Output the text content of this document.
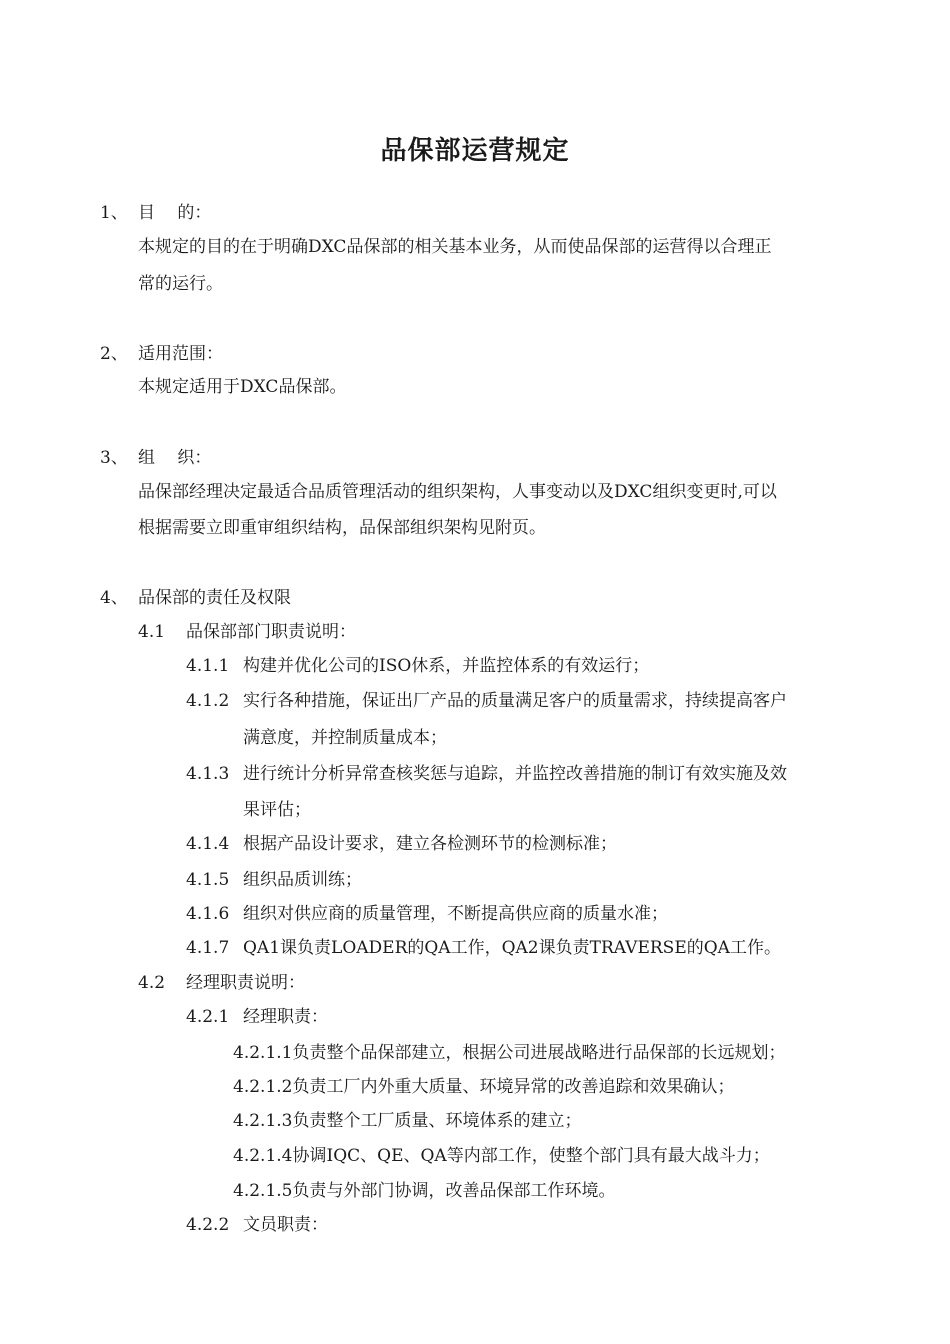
品保部运营规定
1、 目　 的：
本规定的目的在于明确DXC品保部的相关基本业务，从而使品保部的运营得以合理正
常的运行。
2、 适用范围：
本规定适用于DXC品保部。
3、 组　 织：
品保部经理决定最适合品质管理活动的组织架构，人事变动以及DXC组织变更时,可以
根据需要立即重审组织结构，品保部组织架构见附页。
4、 品保部的责任及权限
4.1 品保部部门职责说明：
4.1.1 构建并优化公司的ISO休系，并监控体系的有效运行；
4.1.2 实行各种措施，保证出厂产品的质量满足客户的质量需求，持续提高客户
满意度，并控制质量成本；
4.1.3 进行统计分析异常查核奖惩与追踪，并监控改善措施的制订有效实施及效
果评估；
4.1.4 根据产品设计要求，建立各检测环节的检测标准；
4.1.5 组织品质训练；
4.1.6 组织对供应商的质量管理，不断提高供应商的质量水准；
4.1.7 QA1课负责LOADER的QA工作，QA2课负责TRAVERSE的QA工作。
4.2 经理职责说明：
4.2.1 经理职责：
4.2.1.1负责整个品保部建立，根据公司进展战略进行品保部的长远规划；
4.2.1.2负责工厂内外重大质量、环境异常的改善追踪和效果确认；
4.2.1.3负责整个工厂质量、环境体系的建立；
4.2.1.4协调IQC、QE、QA等内部工作，使整个部门具有最大战斗力；
4.2.1.5负责与外部门协调，改善品保部工作环境。
4.2.2 文员职责：
